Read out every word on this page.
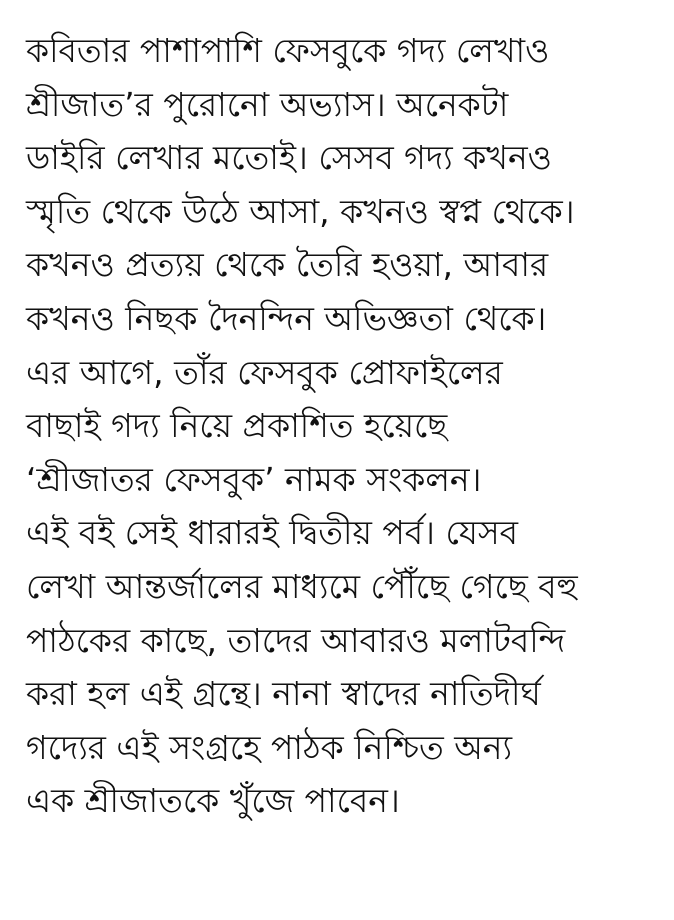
কবিতার পাশাপাশি ফেসবুকে গদ্য লেখাও
শ্রীজাত’র পুরোনো অভ্যাস। অনেকটা
ডাইরি লেখার মতোই। সেসব গদ্য কখনও
স্মৃতি থেকে উঠে আসা, কখনও স্বপ্ন থেকে।
কখনও প্রত্যয় থেকে তৈরি হওয়া, আবার
কখনও নিছক দৈনন্দিন অভিজ্ঞতা থেকে।
এর আগে, তাঁর ফেসবুক প্রোফাইলের
বাছাই গদ্য নিয়ে প্রকাশিত হয়েছে
‘শ্রীজাতর ফেসবুক’ নামক সংকলন।
এই বই সেই ধারারই দ্বিতীয় পর্ব। যেসব
লেখা আন্তর্জালের মাধ্যমে পৌঁছে গেছে বহু
পাঠকের কাছে, তাদের আবারও মলাটবন্দি
করা হল এই গ্রন্থে। নানা স্বাদের নাতিদীর্ঘ
গদ্যের এই সংগ্রহে পাঠক নিশ্চিত অন্য
এক শ্রীজাতকে খুঁজে পাবেন।
